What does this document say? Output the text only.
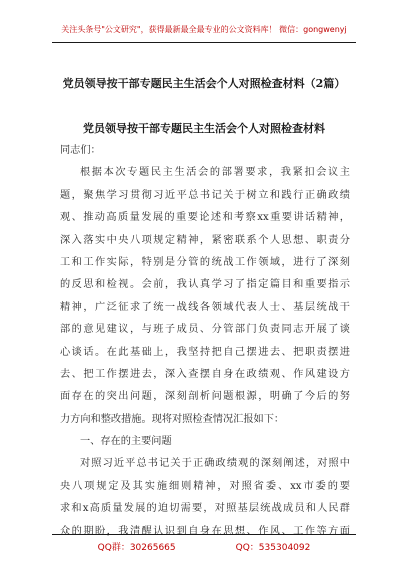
关注头条号"公文研究"，获得最新最全最专业的公文资料库！ 微信：gongwenyj
党员领导按干部专题民主生活会个人对照检查材料（2篇）
党员领导按干部专题民主生活会个人对照检查材料
同志们：
根据本次专题民主生活会的部署要求，我紧扣会议主
题，聚焦学习贯彻习近平总书记关于树立和践行正确政绩
观、推动高质量发展的重要论述和考察xx重要讲话精神，
深入落实中央八项规定精神，紧密联系个人思想、职责分
工和工作实际，特别是分管的统战工作领域，进行了深刻
的反思和检视。会前，我认真学习了指定篇目和重要指示
精神，广泛征求了统一战线各领域代表人士、基层统战干
部的意见建议，与班子成员、分管部门负责同志开展了谈
心谈话。在此基础上，我坚持把自己摆进去、把职责摆进
去、把工作摆进去，深入查摆自身在政绩观、作风建设方
面存在的突出问题，深刻剖析问题根源，明确了今后的努
力方向和整改措施。现将对照检查情况汇报如下：
一、存在的主要问题
对照习近平总书记关于正确政绩观的深刻阐述，对照中
央八项规定及其实施细则精神，对照省委、xx市委的要
求和x高质量发展的迫切需要，对照基层统战成员和人民群
众的期盼，我清醒认识到自身在思想、作风、工作等方面
QQ群：30265665	QQ：535304092
